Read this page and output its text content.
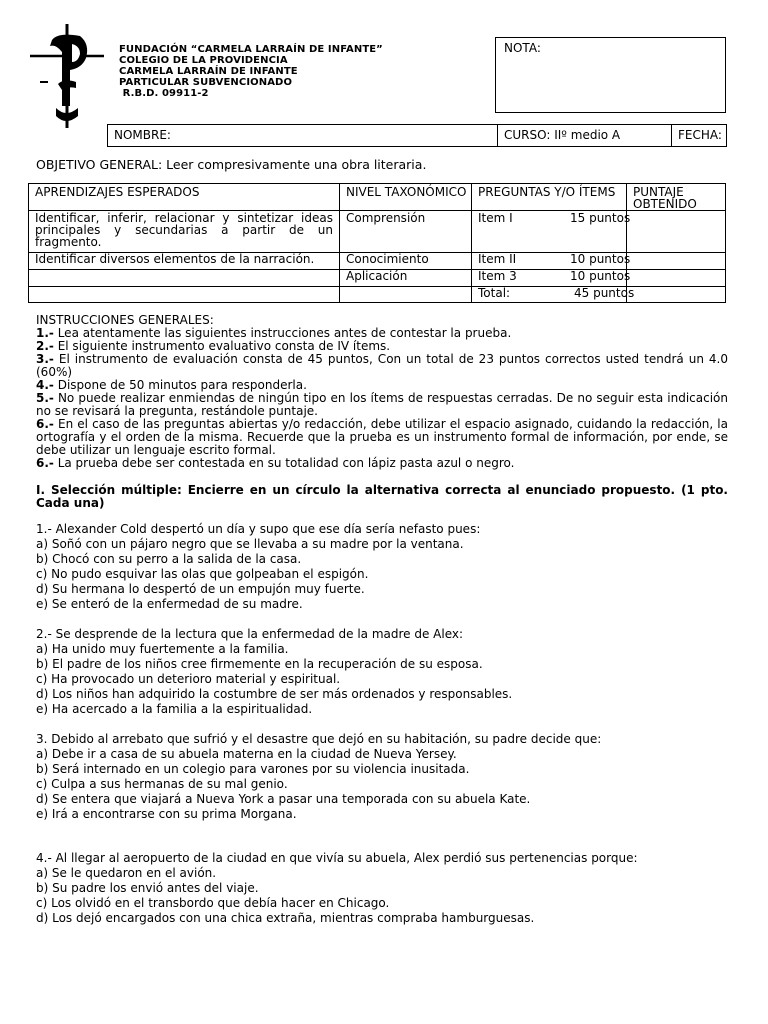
FUNDACIÓN “CARMELA LARRAÍN DE INFANTE”
COLEGIO DE LA PROVIDENCIA
CARMELA LARRAÍN DE INFANTE
PARTICULAR SUBVENCIONADO
R.B.D. 09911-2
NOTA:
NOMBRE:	CURSO: IIº medio A	FECHA:
OBJETIVO GENERAL: Leer compresivamente una obra literaria.
APRENDIZAJES ESPERADOS	NIVEL TAXONÓMICO	PREGUNTAS Y/O ÍTEMS	PUNTAJE OBTENIDO
Identificar, inferir, relacionar y sintetizar ideas principales y secundarias a partir de un fragmento.	Comprensión	Item I 15 puntos	
Identificar diversos elementos de la narración.	Conocimiento	Item II 10 puntos	
	Aplicación	Item 3 10 puntos	
		Total: 45 puntos	

INSTRUCCIONES GENERALES:

1.- Lea atentamente las siguientes instrucciones antes de contestar la prueba.

2.- El siguiente instrumento evaluativo consta de IV ítems.

3.- El instrumento de evaluación consta de 45 puntos, Con un total de 23 puntos correctos usted tendrá un 4.0 (60%)

4.- Dispone de 50 minutos para responderla.

5.- No puede realizar enmiendas de ningún tipo en los ítems de respuestas cerradas. De no seguir esta indicación no se revisará la pregunta, restándole puntaje.

6.- En el caso de las preguntas abiertas y/o redacción, debe utilizar el espacio asignado, cuidando la redacción, la ortografía y el orden de la misma. Recuerde que la prueba es un instrumento formal de información, por ende, se debe utilizar un lenguaje escrito formal.

6.- La prueba debe ser contestada en su totalidad con lápiz pasta azul o negro.

I. Selección múltiple: Encierre en un círculo la alternativa correcta al enunciado propuesto. (1 pto. Cada una)

1.- Alexander Cold despertó un día y supo que ese día sería nefasto pues:

a) Soñó con un pájaro negro que se llevaba a su madre por la ventana.

b) Chocó con su perro a la salida de la casa.

c) No pudo esquivar las olas que golpeaban el espigón.

d) Su hermana lo despertó de un empujón muy fuerte.

e) Se enteró de la enfermedad de su madre.

2.- Se desprende de la lectura que la enfermedad de la madre de Alex:

a) Ha unido muy fuertemente a la familia.

b) El padre de los niños cree firmemente en la recuperación de su esposa.

c) Ha provocado un deterioro material y espiritual.

d) Los niños han adquirido la costumbre de ser más ordenados y responsables.

e) Ha acercado a la familia a la espiritualidad.

3. Debido al arrebato que sufrió y el desastre que dejó en su habitación, su padre decide que:

a) Debe ir a casa de su abuela materna en la ciudad de Nueva Yersey.

b) Será internado en un colegio para varones por su violencia inusitada.

c) Culpa a sus hermanas de su mal genio.

d) Se entera que viajará a Nueva York a pasar una temporada con su abuela Kate.

e) Irá a encontrarse con su prima Morgana.

4.- Al llegar al aeropuerto de la ciudad en que vivía su abuela, Alex perdió sus pertenencias porque:

a) Se le quedaron en el avión.

b) Su padre los envió antes del viaje.

c) Los olvidó en el transbordo que debía hacer en Chicago.

d) Los dejó encargados con una chica extraña, mientras compraba hamburguesas.
